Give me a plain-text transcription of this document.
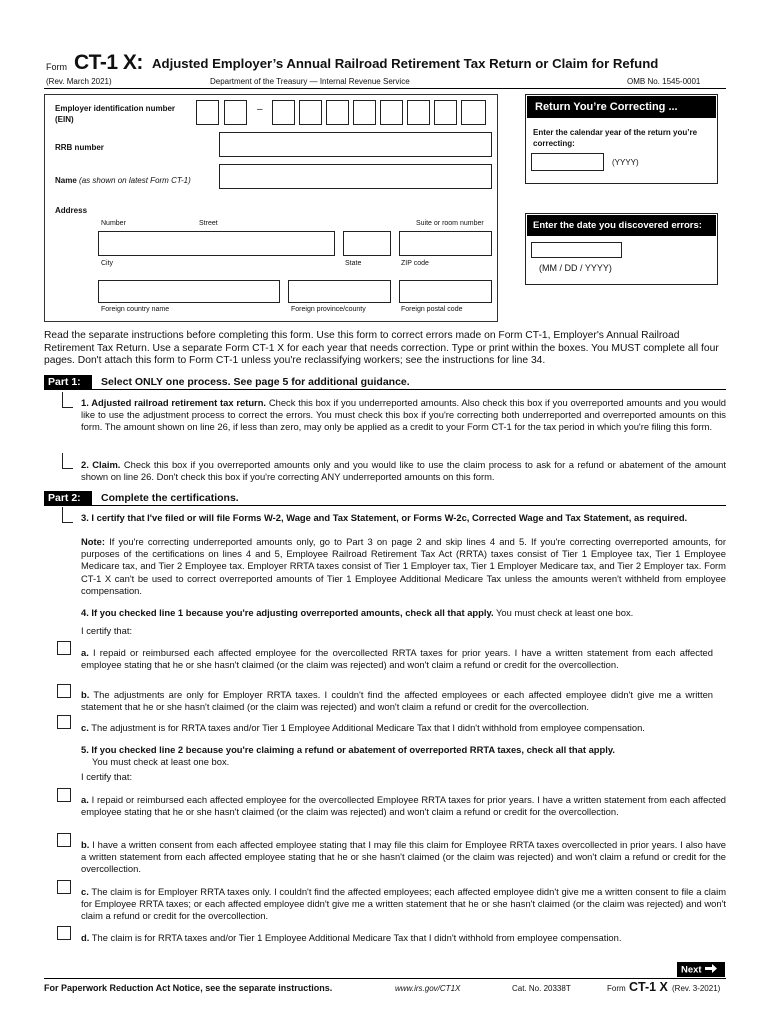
Form CT-1 X: Adjusted Employer’s Annual Railroad Retirement Tax Return or Claim for Refund
(Rev. March 2021)	Department of the Treasury — Internal Revenue Service	OMB No. 1545-0001
Employer identification number (EIN)
–
RRB number
Name (as shown on latest Form CT-1)
Address
Number	Street	Suite or room number
City	State	ZIP code
Foreign country name	Foreign province/county	Foreign postal code
Return You’re Correcting ...
Enter the calendar year of the return you’re correcting:
(YYYY)
Enter the date you discovered errors:
(MM / DD / YYYY)
Read the separate instructions before completing this form. Use this form to correct errors made on Form CT-1, Employer's Annual Railroad Retirement Tax Return. Use a separate Form CT-1 X for each year that needs correction. Type or print within the boxes. You MUST complete all four pages. Don't attach this form to Form CT-1 unless you're reclassifying workers; see the instructions for line 34.
Part 1:	Select ONLY one process. See page 5 for additional guidance.
1. Adjusted railroad retirement tax return. Check this box if you underreported amounts. Also check this box if you overreported amounts and you would like to use the adjustment process to correct the errors. You must check this box if you're correcting both underreported and overreported amounts on this form. The amount shown on line 26, if less than zero, may only be applied as a credit to your Form CT-1 for the tax period in which you're filing this form.
2. Claim. Check this box if you overreported amounts only and you would like to use the claim process to ask for a refund or abatement of the amount shown on line 26. Don't check this box if you're correcting ANY underreported amounts on this form.
Part 2:	Complete the certifications.
3. I certify that I've filed or will file Forms W-2, Wage and Tax Statement, or Forms W-2c, Corrected Wage and Tax Statement, as required.
Note: If you're correcting underreported amounts only, go to Part 3 on page 2 and skip lines 4 and 5. If you're correcting overreported amounts, for purposes of the certifications on lines 4 and 5, Employee Railroad Retirement Tax Act (RRTA) taxes consist of Tier 1 Employee tax, Tier 1 Employee Medicare tax, and Tier 2 Employee tax. Employer RRTA taxes consist of Tier 1 Employer tax, Tier 1 Employer Medicare tax, and Tier 2 Employer tax. Form CT-1 X can't be used to correct overreported amounts of Tier 1 Employee Additional Medicare Tax unless the amounts weren't withheld from employee compensation.
4. If you checked line 1 because you're adjusting overreported amounts, check all that apply. You must check at least one box.
I certify that:
a. I repaid or reimbursed each affected employee for the overcollected RRTA taxes for prior years. I have a written statement from each affected employee stating that he or she hasn't claimed (or the claim was rejected) and won't claim a refund or credit for the overcollection.
b. The adjustments are only for Employer RRTA taxes. I couldn't find the affected employees or each affected employee didn't give me a written statement that he or she hasn't claimed (or the claim was rejected) and won't claim a refund or credit for the overcollection.
c. The adjustment is for RRTA taxes and/or Tier 1 Employee Additional Medicare Tax that I didn't withhold from employee compensation.
5. If you checked line 2 because you're claiming a refund or abatement of overreported RRTA taxes, check all that apply.
You must check at least one box.
I certify that:
a. I repaid or reimbursed each affected employee for the overcollected Employee RRTA taxes for prior years. I have a written statement from each affected employee stating that he or she hasn't claimed (or the claim was rejected) and won't claim a refund or credit for the overcollection.
b. I have a written consent from each affected employee stating that I may file this claim for Employee RRTA taxes overcollected in prior years. I also have a written statement from each affected employee stating that he or she hasn't claimed (or the claim was rejected) and won't claim a refund or credit for the overcollection.
c. The claim is for Employer RRTA taxes only. I couldn't find the affected employees; each affected employee didn't give me a written consent to file a claim for Employee RRTA taxes; or each affected employee didn't give me a written statement that he or she hasn't claimed (or the claim was rejected) and won't claim a refund or credit for the overcollection.
d. The claim is for RRTA taxes and/or Tier 1 Employee Additional Medicare Tax that I didn't withhold from employee compensation.
Next
For Paperwork Reduction Act Notice, see the separate instructions.	www.irs.gov/CT1X	Cat. No. 20338T	Form CT-1 X (Rev. 3-2021)
